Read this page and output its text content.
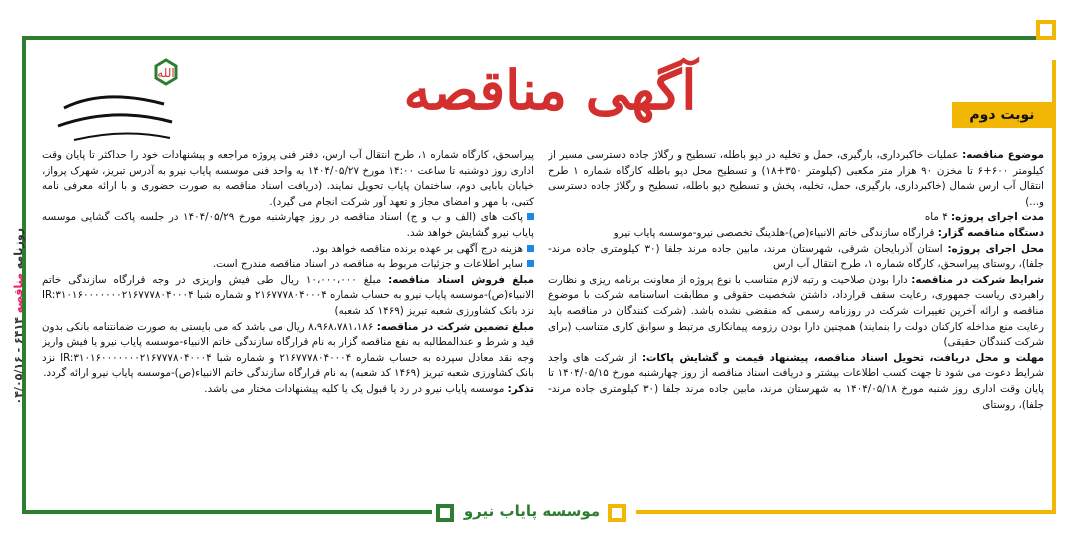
موسسه پایاب نیرو
آگهی مناقصه	نوبت دوم
الله
روزنامه مناقصه ۶۴۱۴ - ۰۴/۰۵/۱۶

موضوع مناقصه: عملیات خاکبرداری، بارگیری، حمل و تخلیه در دپو باطله، تسطیح و رگلاژ جاده دسترسی مسیر از کیلومتر ۶۰۰+۶ تا مخزن ۹۰ هزار متر مکعبی (کیلومتر ۳۵۰+۱۸) و تسطیح محل دپو باطله کارگاه شماره ۱ طرح انتقال آب ارس شمال (خاکبرداری، بارگیری، حمل، تخلیه، پخش و تسطیح دپو باطله، تسطیح و رگلاژ جاده دسترسی و...)

مدت اجرای پروژه: ۴ ماه

دستگاه مناقصه گزار: قرارگاه سازندگی خاتم الانبیاء(ص)-هلدینگ تخصصی نیرو-موسسه پایاب نیرو

محل اجرای پروژه: استان آذربایجان شرقی، شهرستان مرند، مابین جاده مرند جلفا (۳۰ کیلومتری جاده مرند-جلفا)، روستای پیراسحق، کارگاه شماره ۱، طرح انتقال آب ارس

شرایط شرکت در مناقصه: دارا بودن صلاحیت و رتبه لازم متناسب با نوع پروژه از معاونت برنامه ریزی و نظارت راهبردی ریاست جمهوری، رعایت سقف قرارداد، داشتن شخصیت حقوقی و مطابقت اساسنامه شرکت با موضوع مناقصه و ارائه آخرین تغییرات شرکت در روزنامه رسمی که منقضی نشده باشد. (شرکت کنندگان در مناقصه باید رعایت منع مداخله کارکنان دولت را بنمایند) همچنین دارا بودن رزومه پیمانکاری مرتبط و سوابق کاری متناسب (برای شرکت کنندگان حقیقی)

مهلت و محل دریافت، تحویل اسناد مناقصه، پیشنهاد قیمت و گشایش پاکات: از شرکت های واجد شرایط دعوت می شود تا جهت کسب اطلاعات بیشتر و دریافت اسناد مناقصه از روز چهارشنبه مورخ ۱۴۰۴/۰۵/۱۵ تا پایان وقت اداری روز شنبه مورخ ۱۴۰۴/۰۵/۱۸ به شهرستان مرند، مابین جاده مرند جلفا (۳۰ کیلومتری جاده مرند-جلفا)، روستای

پیراسحق، کارگاه شماره ۱، طرح انتقال آب ارس، دفتر فنی پروژه مراجعه و پیشنهادات خود را حداکثر تا پایان وقت اداری روز دوشنبه تا ساعت ۱۴:۰۰ مورخ ۱۴۰۴/۰۵/۲۷ به واحد فنی موسسه پایاب نیرو به آدرس تبریز، شهرک پرواز، خیابان بابایی دوم، ساختمان پایاب تحویل نمایند. (دریافت اسناد مناقصه به صورت حضوری و با ارائه معرفی نامه کتبی، با مهر و امضای مجاز و تعهد آور شرکت انجام می گیرد).

پاکت های (الف و ب و ج) اسناد مناقصه در روز چهارشنبه مورخ ۱۴۰۴/۰۵/۲۹ در جلسه پاکت گشایی موسسه پایاب نیرو گشایش خواهد شد.

هزینه درج آگهی بر عهده برنده مناقصه خواهد بود.

سایر اطلاعات و جزئیات مربوط به مناقصه در اسناد مناقصه مندرج است.

مبلغ فروش اسناد مناقصه: مبلغ ۱۰،۰۰۰،۰۰۰ ریال طی فیش واریزی در وجه قرارگاه سازندگی خاتم الانبیاء(ص)-موسسه پایاب نیرو به حساب شماره ۲۱۶۷۷۷۸۰۴۰۰۰۴ و شماره شبا IR:۳۱۰۱۶۰۰۰۰۰۰۰۲۱۶۷۷۷۸۰۴۰۰۰۴ نزد بانک کشاورزی شعبه تبریز (۱۴۶۹ کد شعبه)

مبلغ تضمین شرکت در مناقصه: ۸،۹۶۸،۷۸۱،۱۸۶ ریال می باشد که می بایستی به صورت ضمانتنامه بانکی بدون قید و شرط و عندالمطالبه به نفع مناقصه گزار به نام قرارگاه سازندگی خاتم الانبیاء-موسسه پایاب نیرو یا فیش واریز وجه نقد معادل سپرده به حساب شماره ۲۱۶۷۷۷۸۰۴۰۰۰۴ و شماره شبا IR:۳۱۰۱۶۰۰۰۰۰۰۰۲۱۶۷۷۷۸۰۴۰۰۰۴ نزد بانک کشاورزی شعبه تبریز (۱۴۶۹ کد شعبه) به نام قرارگاه سازندگی خاتم الانبیاء(ص)-موسسه پایاب نیرو ارائه گردد.

تذکر: موسسه پایاب نیرو در رد یا قبول یک یا کلیه پیشنهادات مختار می باشد.
